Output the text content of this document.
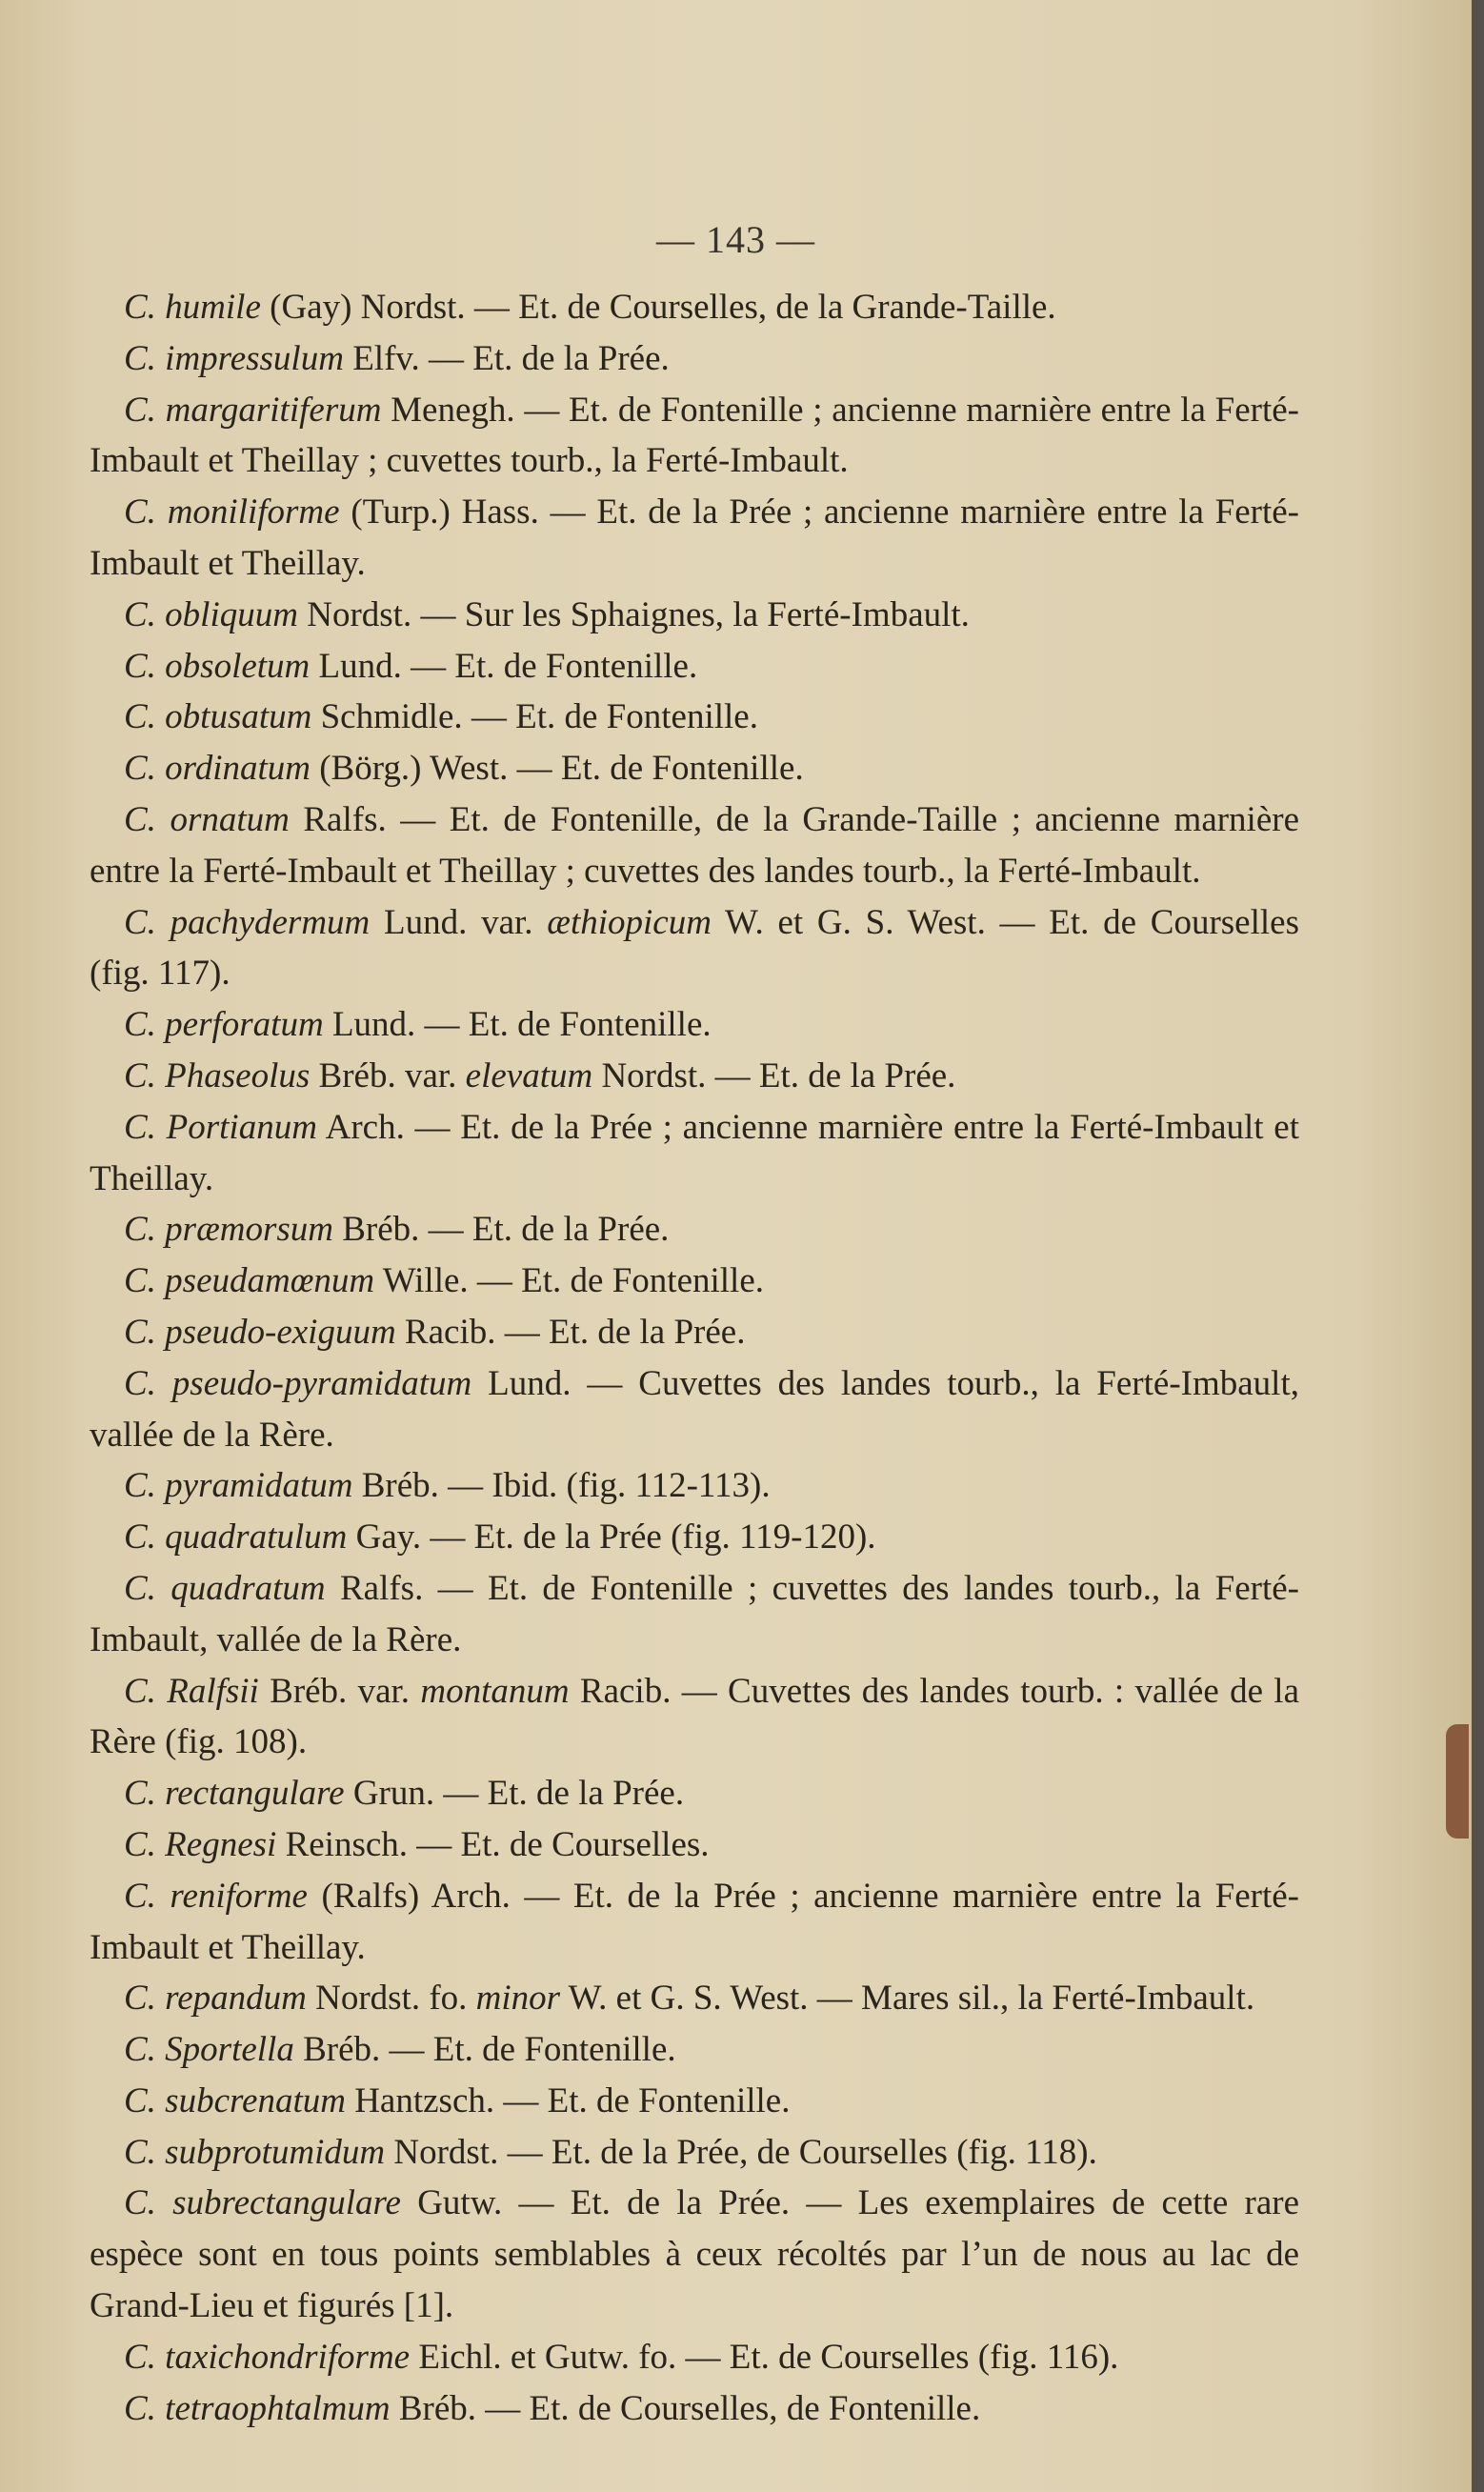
— 143 —

C. humile (Gay) Nordst. — Et. de Courselles, de la Grande-Taille.

C. impressulum Elfv. — Et. de la Prée.

C. margaritiferum Menegh. — Et. de Fontenille ; ancienne marnière entre la Ferté-Imbault et Theillay ; cuvettes tourb., la Ferté-Imbault.

C. moniliforme (Turp.) Hass. — Et. de la Prée ; ancienne marnière entre la Ferté-Imbault et Theillay.

C. obliquum Nordst. — Sur les Sphaignes, la Ferté-Imbault.

C. obsoletum Lund. — Et. de Fontenille.

C. obtusatum Schmidle. — Et. de Fontenille.

C. ordinatum (Börg.) West. — Et. de Fontenille.

C. ornatum Ralfs. — Et. de Fontenille, de la Grande-Taille ; ancienne marnière entre la Ferté-Imbault et Theillay ; cuvettes des landes tourb., la Ferté-Imbault.

C. pachydermum Lund. var. æthiopicum W. et G. S. West. — Et. de Courselles (fig. 117).

C. perforatum Lund. — Et. de Fontenille.

C. Phaseolus Bréb. var. elevatum Nordst. — Et. de la Prée.

C. Portianum Arch. — Et. de la Prée ; ancienne marnière entre la Ferté-Imbault et Theillay.

C. præmorsum Bréb. — Et. de la Prée.

C. pseudamœnum Wille. — Et. de Fontenille.

C. pseudo-exiguum Racib. — Et. de la Prée.

C. pseudo-pyramidatum Lund. — Cuvettes des landes tourb., la Ferté-Imbault, vallée de la Rère.

C. pyramidatum Bréb. — Ibid. (fig. 112-113).

C. quadratulum Gay. — Et. de la Prée (fig. 119-120).

C. quadratum Ralfs. — Et. de Fontenille ; cuvettes des landes tourb., la Ferté-Imbault, vallée de la Rère.

C. Ralfsii Bréb. var. montanum Racib. — Cuvettes des landes tourb. : vallée de la Rère (fig. 108).

C. rectangulare Grun. — Et. de la Prée.

C. Regnesi Reinsch. — Et. de Courselles.

C. reniforme (Ralfs) Arch. — Et. de la Prée ; ancienne marnière entre la Ferté-Imbault et Theillay.

C. repandum Nordst. fo. minor W. et G. S. West. — Mares sil., la Ferté-Imbault.

C. Sportella Bréb. — Et. de Fontenille.

C. subcrenatum Hantzsch. — Et. de Fontenille.

C. subprotumidum Nordst. — Et. de la Prée, de Courselles (fig. 118).

C. subrectangulare Gutw. — Et. de la Prée. — Les exemplaires de cette rare espèce sont en tous points semblables à ceux récoltés par l’un de nous au lac de Grand-Lieu et figurés [1].

C. taxichondriforme Eichl. et Gutw. fo. — Et. de Courselles (fig. 116).

C. tetraophtalmum Bréb. — Et. de Courselles, de Fontenille.
